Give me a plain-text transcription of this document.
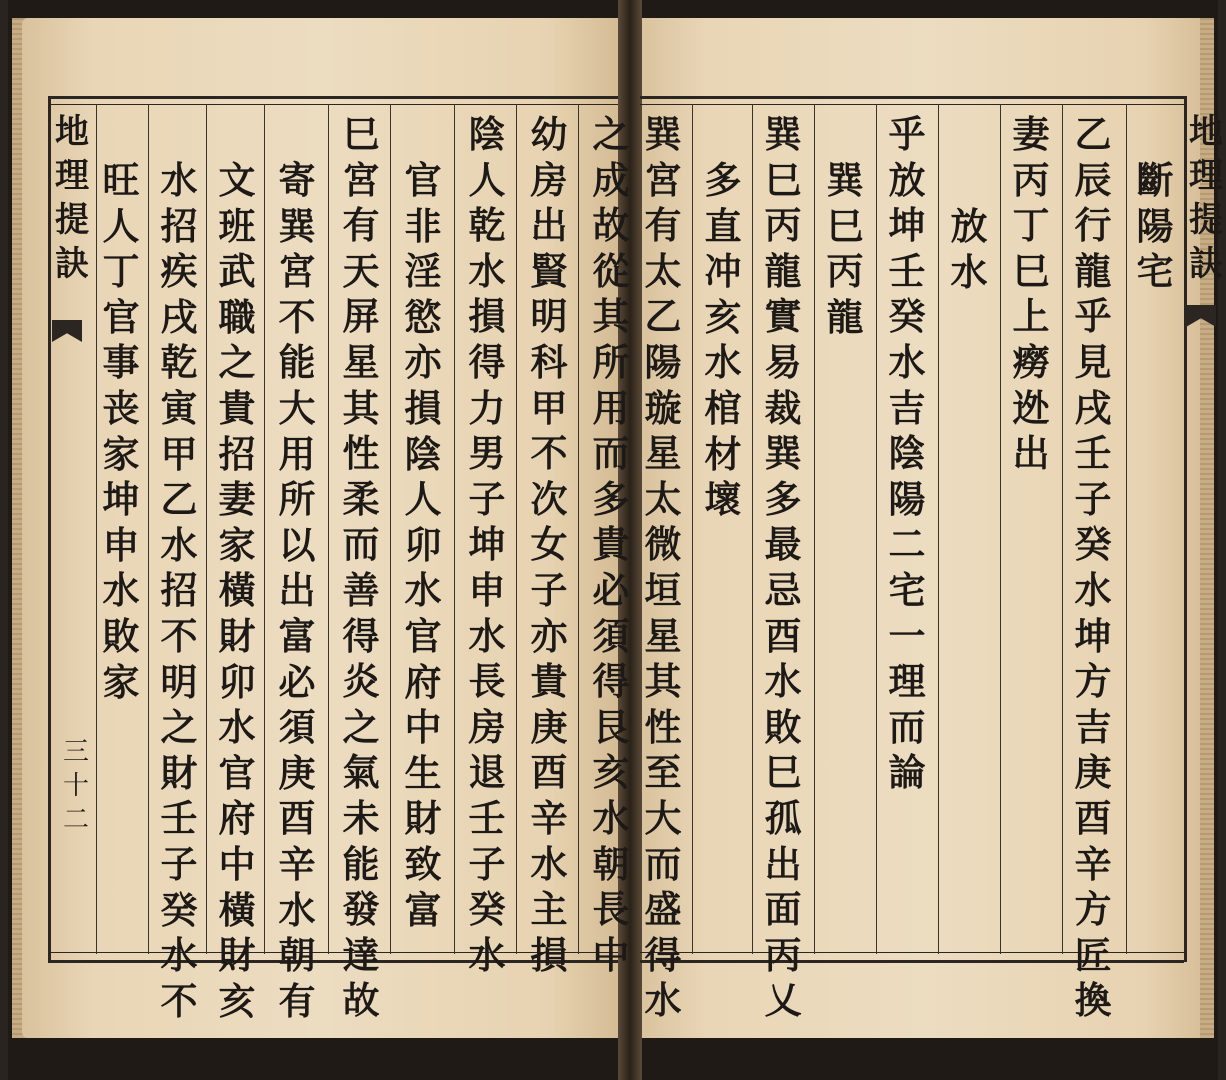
地
理
提
訣
三
十
二
之
成
故
從
其
所
用
而
多
貴
必
須
得
艮
亥
水
朝
長
中
幼
房
出
賢
明
科
甲
不
次
女
子
亦
貴
庚
酉
辛
水
主
損
陰
人
乾
水
損
得
力
男
子
坤
申
水
長
房
退
壬
子
癸
水
官
非
淫
慾
亦
損
陰
人
卯
水
官
府
中
生
財
致
富
巳
宮
有
天
屏
星
其
性
柔
而
善
得
炎
之
氣
未
能
發
達
故
寄
巽
宮
不
能
大
用
所
以
出
富
必
須
庚
酉
辛
水
朝
有
文
班
武
職
之
貴
招
妻
家
橫
財
卯
水
官
府
中
橫
財
亥
水
招
疾
戌
乾
寅
甲
乙
水
招
不
明
之
財
壬
子
癸
水
不
旺
人
丁
官
事
丧
家
坤
申
水
敗
家
地
理
提
訣
斷
陽
宅
乙
辰
行
龍
乎
見
戌
壬
子
癸
水
坤
方
吉
庚
酉
辛
方
匠
換
妻
丙
丁
巳
上
癆
迯
出
放
水
乎
放
坤
壬
癸
水
吉
陰
陽
二
宅
一
理
而
論
巽
巳
丙
龍
巽
巳
丙
龍
實
易
裁
巽
多
最
忌
酉
水
敗
巳
孤
出
面
丙
乂
多
直
冲
亥
水
棺
材
壞
巽
宮
有
太
乙
陽
璇
星
太
微
垣
星
其
性
至
大
而
盛
得
水
